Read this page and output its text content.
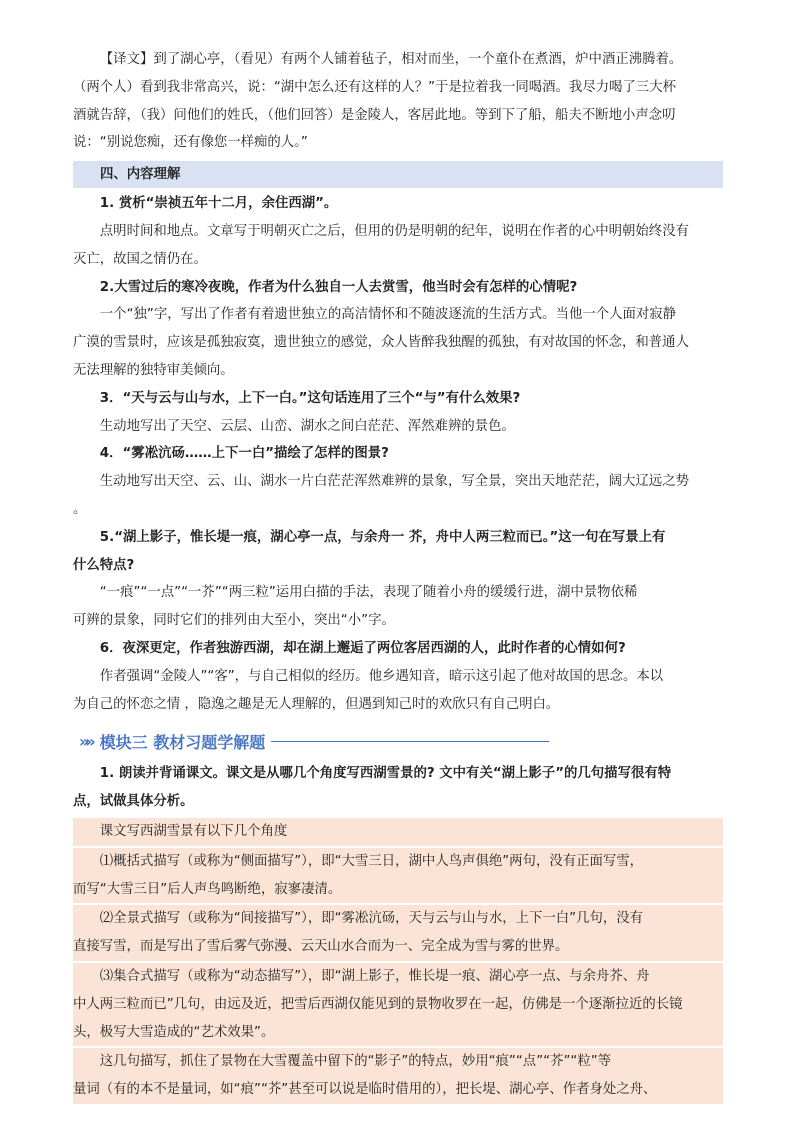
【译文】到了湖心亭，（看见）有两个人铺着毡子，相对而坐，一个童仆在煮酒，炉中酒正沸腾着。

（两个人）看到我非常高兴，说：“湖中怎么还有这样的人？”于是拉着我一同喝酒。我尽力喝了三大杯

酒就告辞，（我）问他们的姓氏，（他们回答）是金陵人，客居此地。等到下了船，船夫不断地小声念叨

说：“别说您痴，还有像您一样痴的人。”

四、内容理解

1. 赏析“崇祯五年十二月，余住西湖”。

点明时间和地点。文章写于明朝灭亡之后，但用的仍是明朝的纪年，说明在作者的心中明朝始终没有

灭亡，故国之情仍在。

2.大雪过后的寒冷夜晚，作者为什么独自一人去赏雪，他当时会有怎样的心情呢?

一个“独”字，写出了作者有着遗世独立的高洁情怀和不随波逐流的生活方式。当他一个人面对寂静

广漠的雪景时，应该是孤独寂寞，遗世独立的感觉，众人皆醉我独醒的孤独，有对故国的怀念，和普通人

无法理解的独特审美倾向。

3．“天与云与山与水，上下一白。”这句话连用了三个“与”有什么效果?

生动地写出了天空、云层、山峦、湖水之间白茫茫、浑然难辨的景色。

4．“雾凇沆砀……上下一白”描绘了怎样的图景?

生动地写出天空、云、山、湖水一片白茫茫浑然难辨的景象，写全景，突出天地茫茫，阔大辽远之势

。

5.“湖上影子，惟长堤一痕，湖心亭一点，与余舟一 芥，舟中人两三粒而已。”这一句在写景上有

什么特点?

“一痕”“一点”“一芥”“两三粒”运用白描的手法，表现了随着小舟的缓缓行进，湖中景物依稀

可辨的景象，同时它们的排列由大至小，突出“小”字。

6．夜深更定，作者独游西湖，却在湖上邂逅了两位客居西湖的人，此时作者的心情如何?

作者强调“金陵人”“客”，与自己相似的经历。他乡遇知音，暗示这引起了他对故国的思念。本以

为自己的怀恋之情 ，隐逸之趣是无人理解的，但遇到知己时的欢欣只有自己明白。

»» 模块三 教材习题学解题

1. 朗读并背诵课文。课文是从哪几个角度写西湖雪景的? 文中有关“湖上影子”的几句描写很有特

点，试做具体分析。

课文写西湖雪景有以下几个角度

⑴概括式描写（或称为“侧面描写”），即“大雪三日，湖中人鸟声俱绝”两句，没有正面写雪，

而写“大雪三日”后人声鸟鸣断绝，寂寥凄清。

⑵全景式描写（或称为“间接描写”），即“雾凇沆砀，天与云与山与水，上下一白”几句，没有

直接写雪，而是写出了雪后雾气弥漫、云天山水合而为一、完全成为雪与雾的世界。

⑶集合式描写（或称为“动态描写”），即“湖上影子，惟长堤一痕、湖心亭一点、与余舟芥、舟

中人两三粒而已”几句，由远及近，把雪后西湖仅能见到的景物收罗在一起，仿佛是一个逐渐拉近的长镜

头，极写大雪造成的“艺术效果”。

这几句描写，抓住了景物在大雪覆盖中留下的“影子”的特点，妙用“痕”“点”“芥”“粒”等

量词（有的本不是量词，如“痕”“芥”甚至可以说是临时借用的），把长堤、湖心亭、作者身处之舟、
